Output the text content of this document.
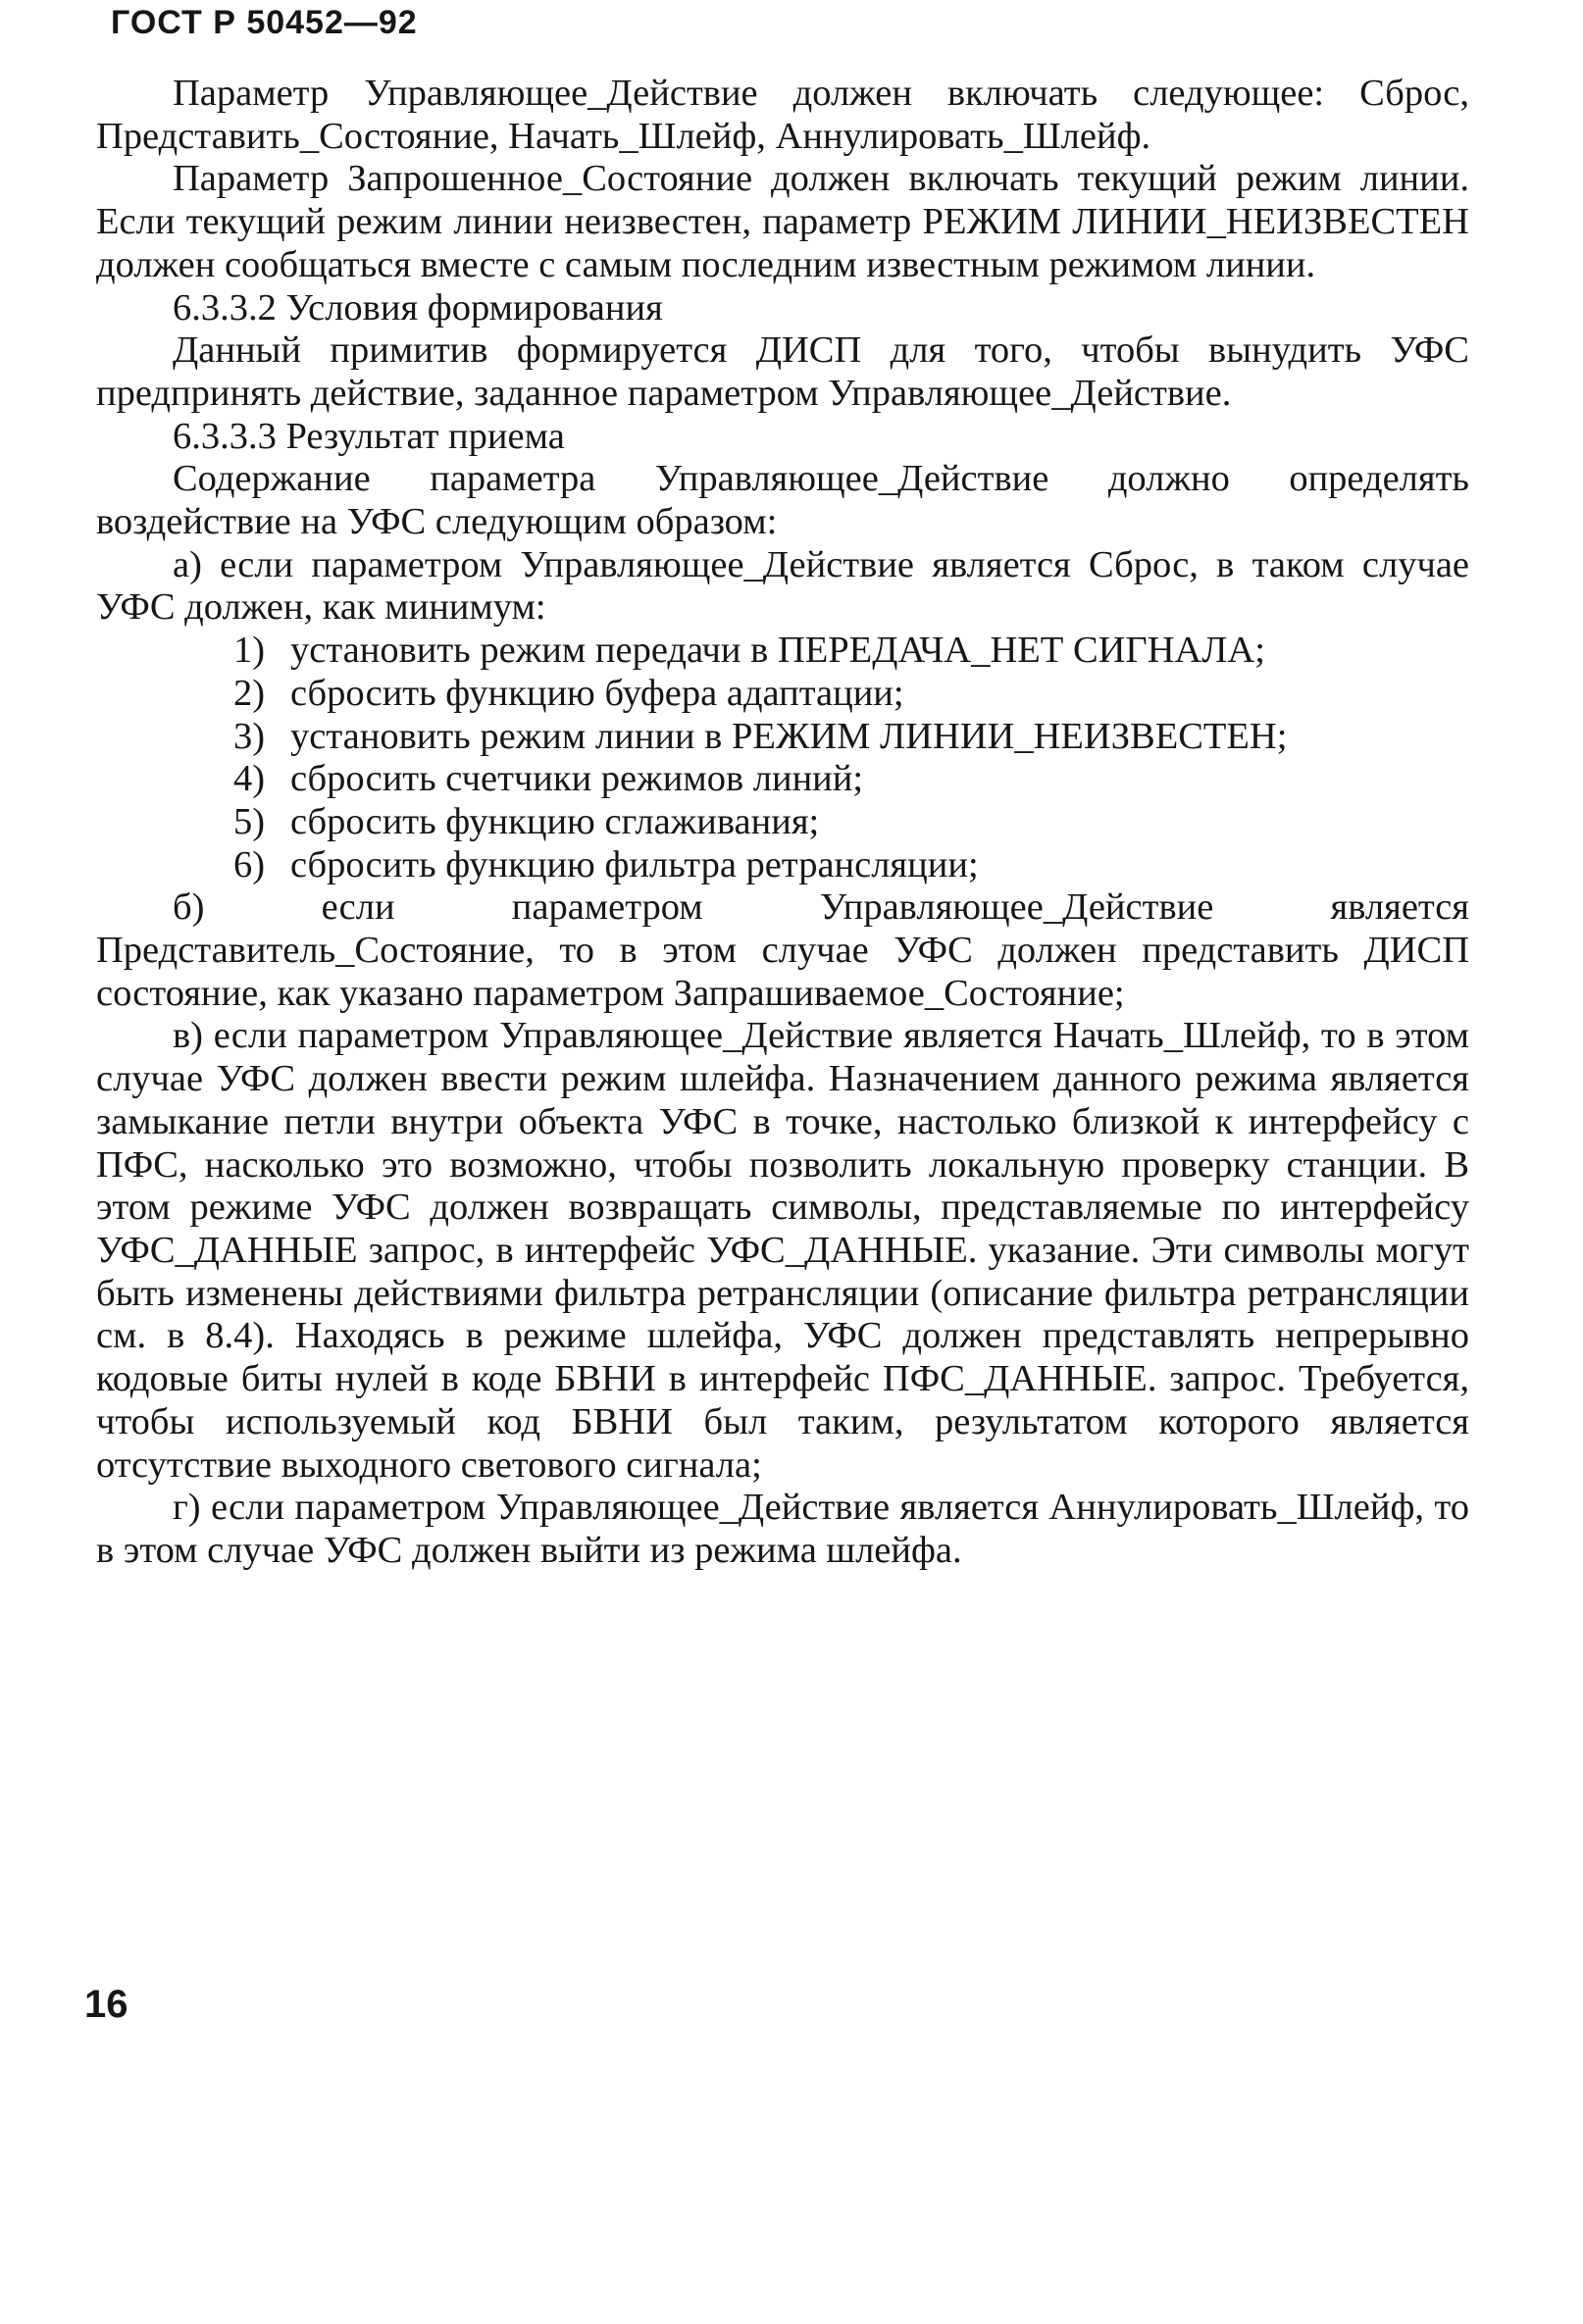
ГОСТ Р 50452—92

Параметр Управляющее_Действие должен включать следующее: Сброс, Представить_Состояние, Начать_Шлейф, Аннулировать_Шлейф.

Параметр Запрошенное_Состояние должен включать текущий режим линии. Если текущий режим линии неизвестен, параметр РЕЖИМ ЛИНИИ_НЕИЗВЕСТЕН должен сообщаться вместе с самым последним известным режимом линии.

6.3.3.2 Условия формирования

Данный примитив формируется ДИСП для того, чтобы вынудить УФС предпринять действие, заданное параметром Управляющее_Действие.

6.3.3.3 Результат приема

Содержание параметра Управляющее_Действие должно определять воздействие на УФС следующим образом:

а) если параметром Управляющее_Действие является Сброс, в таком случае УФС должен, как минимум:

1) установить режим передачи в ПЕРЕДАЧА_НЕТ СИГНАЛА;
2) сбросить функцию буфера адаптации;
3) установить режим линии в РЕЖИМ ЛИНИИ_НЕИЗВЕСТЕН;
4) сбросить счетчики режимов линий;
5) сбросить функцию сглаживания;
6) сбросить функцию фильтра ретрансляции;

б) если параметром Управляющее_Действие является Представитель_Состояние, то в этом случае УФС должен представить ДИСП состояние, как указано параметром Запрашиваемое_Состояние;

в) если параметром Управляющее_Действие является Начать_Шлейф, то в этом случае УФС должен ввести режим шлейфа. Назначением данного режима является замыкание петли внутри объекта УФС в точке, настолько близкой к интерфейсу с ПФС, насколько это возможно, чтобы позволить локальную проверку станции. В этом режиме УФС должен возвращать символы, представляемые по интерфейсу УФС_ДАННЫЕ запрос, в интерфейс УФС_ДАННЫЕ. указание. Эти символы могут быть изменены действиями фильтра ретрансляции (описание фильтра ретрансляции см. в 8.4). Находясь в режиме шлейфа, УФС должен представлять непрерывно кодовые биты нулей в коде БВНИ в интерфейс ПФС_ДАННЫЕ. запрос. Требуется, чтобы используемый код БВНИ был таким, результатом которого является отсутствие выходного светового сигнала;

г) если параметром Управляющее_Действие является Аннулировать_Шлейф, то в этом случае УФС должен выйти из режима шлейфа.

16
